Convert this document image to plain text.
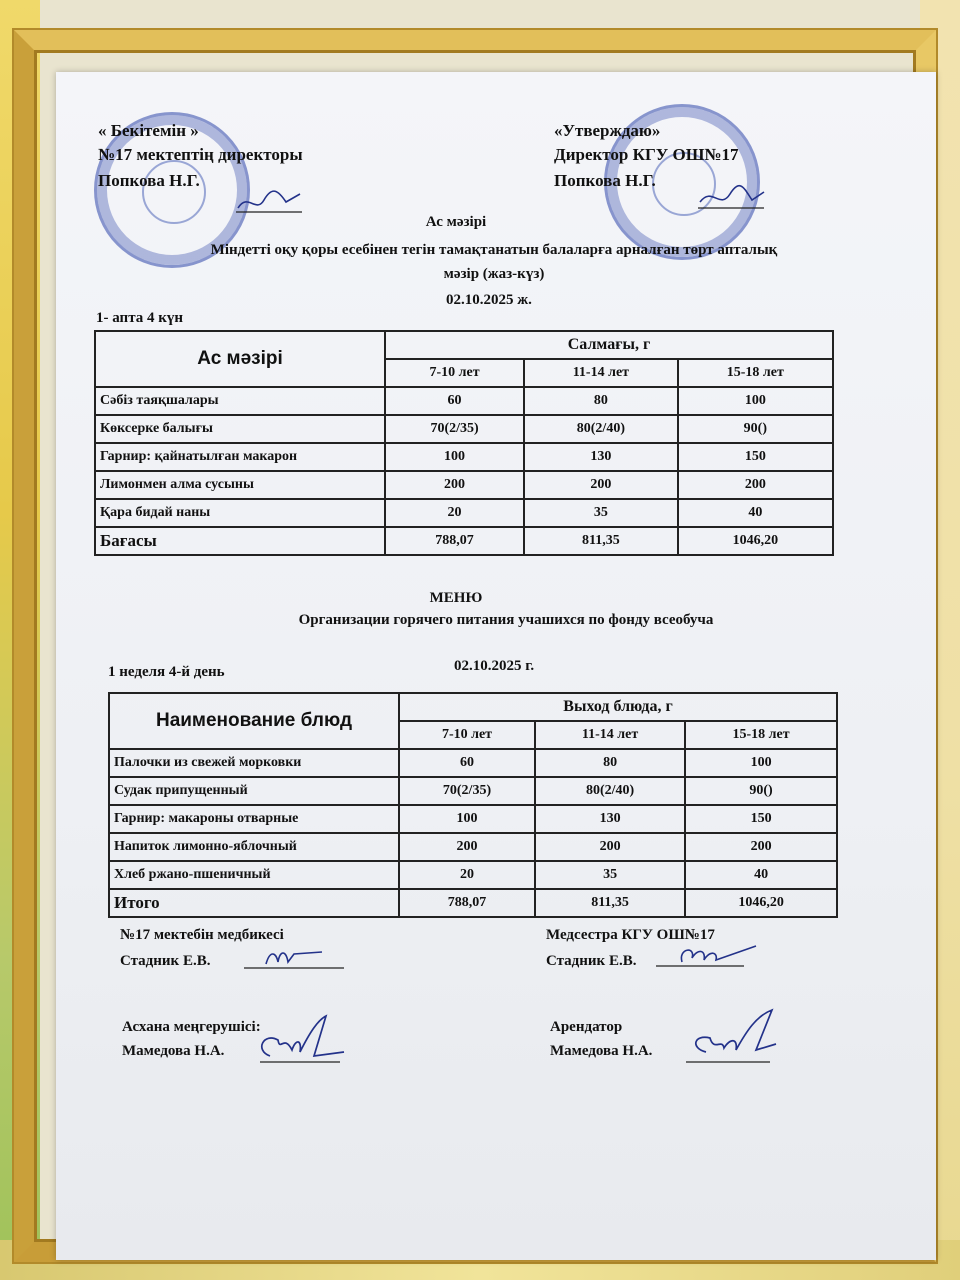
« Бекітемін »
№17 мектептің директоры
Попкова Н.Г.
«Утверждаю»
Директор КГУ ОШ№17
Попкова Н.Г.
Ас мәзірі
Міндетті оқу қоры есебінен тегін тамақтанатын балаларға арналған төрт апталық
мәзір (жаз-күз)
02.10.2025 ж.
1- апта 4 күн
Ас мәзірі	Салмағы, г		
	7-10 лет	11-14 лет	15-18 лет
Сәбіз таяқшалары	60	80	100
Көксерке балығы	70(2/35)	80(2/40)	90()
Гарнир: қайнатылған макарон	100	130	150
Лимонмен алма сусыны	200	200	200
Қара бидай наны	20	35	40
Бағасы	788,07	811,35	1046,20
МЕНЮ
Организации горячего питания учашихся по фонду всеобуча
1 неделя 4-й день	02.10.2025 г.
Наименование блюд	Выход блюда, г		
	7-10 лет	11-14 лет	15-18 лет
Палочки из свежей морковки	60	80	100
Судак припущенный	70(2/35)	80(2/40)	90()
Гарнир: макароны отварные	100	130	150
Напиток лимонно-яблочный	200	200	200
Хлеб ржано-пшеничный	20	35	40
Итого	788,07	811,35	1046,20
№17 мектебін медбикесі
Стадник Е.В.
Медсестра КГУ ОШ№17
Стадник Е.В.
Асхана меңгерушісі:
Мамедова Н.А.
Арендатор
Мамедова Н.А.
